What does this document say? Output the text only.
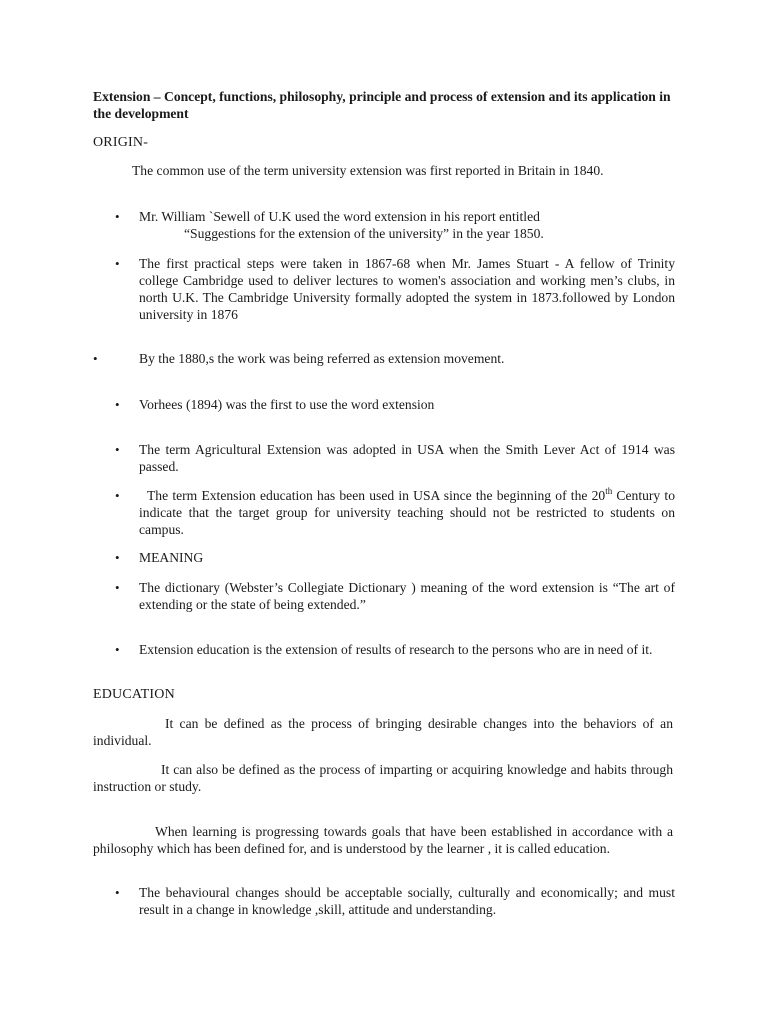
Extension – Concept, functions, philosophy, principle and process of extension and its application in the development
ORIGIN-
The common use of the term university extension was first reported in Britain in 1840.
• Mr. William `Sewell of U.K used the word extension in his report entitled
“Suggestions for the extension of the university” in the year 1850.
• The first practical steps were taken in 1867-68 when Mr. James Stuart - A fellow of Trinity college Cambridge used to deliver lectures to women's association and working men’s clubs, in north U.K. The Cambridge University formally adopted the system in 1873.followed by London university in 1876
•	By the 1880,s the work was being referred as extension movement.
• Vorhees (1894) was the first to use the word extension
• The term Agricultural Extension was adopted in USA when the Smith Lever Act of 1914 was passed.
•	The term Extension education has been used in USA since the beginning of the 20th Century to indicate that the target group for university teaching should not be restricted to students on campus.
• MEANING
• The dictionary (Webster’s Collegiate Dictionary ) meaning of the word extension is “The art of extending or the state of being extended.”
• Extension education is the extension of results of research to the persons who are in need of it.
EDUCATION
It can be defined as the process of bringing desirable changes into the behaviors of an individual.
It can also be defined as the process of imparting or acquiring knowledge and habits through instruction or study.
When learning is progressing towards goals that have been established in accordance with a philosophy which has been defined for, and is understood by the learner , it is called education.
• The behavioural changes should be acceptable socially, culturally and economically; and must result in a change in knowledge ,skill, attitude and understanding.
